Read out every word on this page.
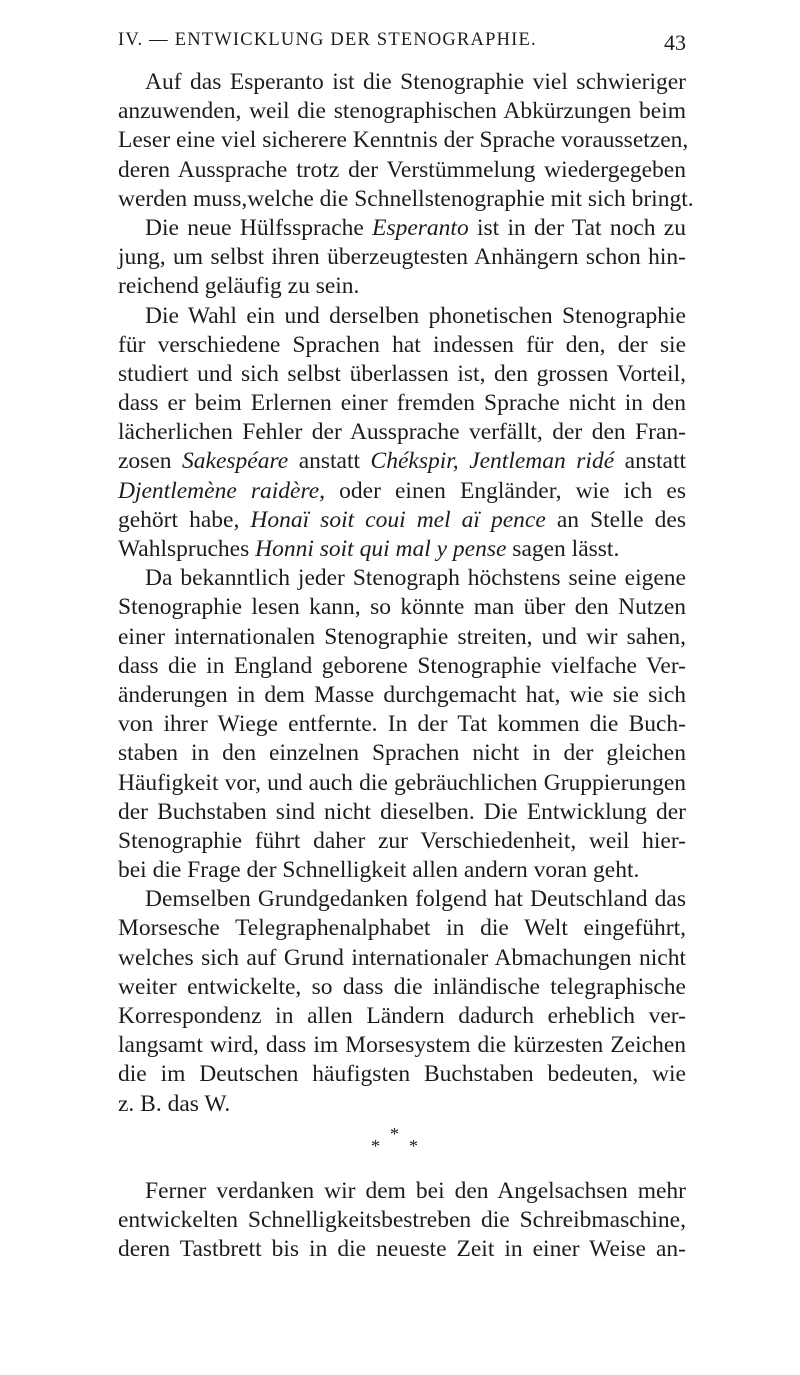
IV. — ENTWICKLUNG DER STENOGRAPHIE.	43
Auf das Esperanto ist die Stenographie viel schwieriger
anzuwenden, weil die stenographischen Abkürzungen beim
Leser eine viel sicherere Kenntnis der Sprache voraussetzen,
deren Aussprache trotz der Verstümmelung wiedergegeben
werden muss,welche die Schnellstenographie mit sich bringt.
Die neue Hülfssprache Esperanto ist in der Tat noch zu
jung, um selbst ihren überzeugtesten Anhängern schon hin-
reichend geläufig zu sein.
Die Wahl ein und derselben phonetischen Stenographie
für verschiedene Sprachen hat indessen für den, der sie
studiert und sich selbst überlassen ist, den grossen Vorteil,
dass er beim Erlernen einer fremden Sprache nicht in den
lächerlichen Fehler der Aussprache verfällt, der den Fran-
zosen Sakespéare anstatt Chékspir, Jentleman ridé anstatt
Djentlemène raidère, oder einen Engländer, wie ich es
gehört habe, Honaï soit coui mel aï pence an Stelle des
Wahlspruches Honni soit qui mal y pense sagen lässt.
Da bekanntlich jeder Stenograph höchstens seine eigene
Stenographie lesen kann, so könnte man über den Nutzen
einer internationalen Stenographie streiten, und wir sahen,
dass die in England geborene Stenographie vielfache Ver-
änderungen in dem Masse durchgemacht hat, wie sie sich
von ihrer Wiege entfernte. In der Tat kommen die Buch-
staben in den einzelnen Sprachen nicht in der gleichen
Häufigkeit vor, und auch die gebräuchlichen Gruppierungen
der Buchstaben sind nicht dieselben. Die Entwicklung der
Stenographie führt daher zur Verschiedenheit, weil hier-
bei die Frage der Schnelligkeit allen andern voran geht.
Demselben Grundgedanken folgend hat Deutschland das
Morsesche Telegraphenalphabet in die Welt eingeführt,
welches sich auf Grund internationaler Abmachungen nicht
weiter entwickelte, so dass die inländische telegraphische
Korrespondenz in allen Ländern dadurch erheblich ver-
langsamt wird, dass im Morsesystem die kürzesten Zeichen
die im Deutschen häufigsten Buchstaben bedeuten, wie
z. B. das W.
*
* *
Ferner verdanken wir dem bei den Angelsachsen mehr
entwickelten Schnelligkeitsbestreben die Schreibmaschine,
deren Tastbrett bis in die neueste Zeit in einer Weise an-
